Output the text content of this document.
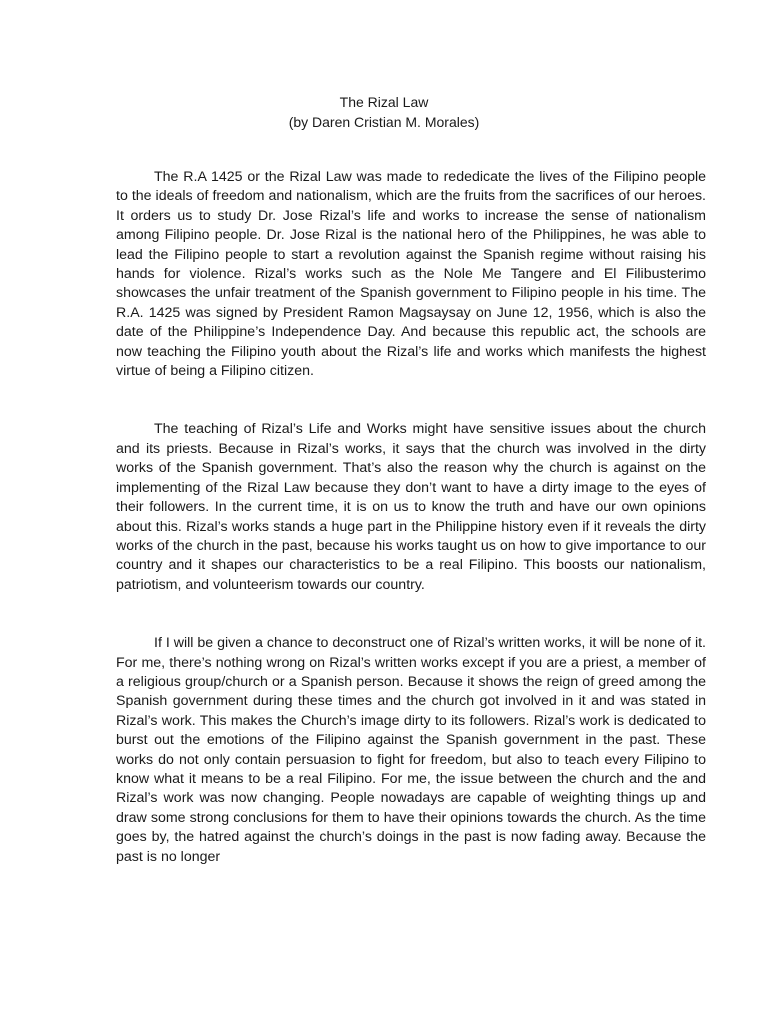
The Rizal Law
(by Daren Cristian M. Morales)

The R.A 1425 or the Rizal Law was made to rededicate the lives of the Filipino people to the ideals of freedom and nationalism, which are the fruits from the sacrifices of our heroes. It orders us to study Dr. Jose Rizal’s life and works to increase the sense of nationalism among Filipino people. Dr. Jose Rizal is the national hero of the Philippines, he was able to lead the Filipino people to start a revolution against the Spanish regime without raising his hands for violence. Rizal’s works such as the Nole Me Tangere and El Filibusterimo showcases the unfair treatment of the Spanish government to Filipino people in his time. The R.A. 1425 was signed by President Ramon Magsaysay on June 12, 1956, which is also the date of the Philippine’s Independence Day. And because this republic act, the schools are now teaching the Filipino youth about the Rizal’s life and works which manifests the highest virtue of being a Filipino citizen.

The teaching of Rizal’s Life and Works might have sensitive issues about the church and its priests. Because in Rizal’s works, it says that the church was involved in the dirty works of the Spanish government. That’s also the reason why the church is against on the implementing of the Rizal Law because they don’t want to have a dirty image to the eyes of their followers. In the current time, it is on us to know the truth and have our own opinions about this. Rizal’s works stands a huge part in the Philippine history even if it reveals the dirty works of the church in the past, because his works taught us on how to give importance to our country and it shapes our characteristics to be a real Filipino. This boosts our nationalism, patriotism, and volunteerism towards our country.

If I will be given a chance to deconstruct one of Rizal’s written works, it will be none of it. For me, there’s nothing wrong on Rizal’s written works except if you are a priest, a member of a religious group/church or a Spanish person. Because it shows the reign of greed among the Spanish government during these times and the church got involved in it and was stated in Rizal’s work. This makes the Church’s image dirty to its followers. Rizal’s work is dedicated to burst out the emotions of the Filipino against the Spanish government in the past. These works do not only contain persuasion to fight for freedom, but also to teach every Filipino to know what it means to be a real Filipino. For me, the issue between the church and the and Rizal’s work was now changing. People nowadays are capable of weighting things up and draw some strong conclusions for them to have their opinions towards the church. As the time goes by, the hatred against the church’s doings in the past is now fading away. Because the past is no longer
